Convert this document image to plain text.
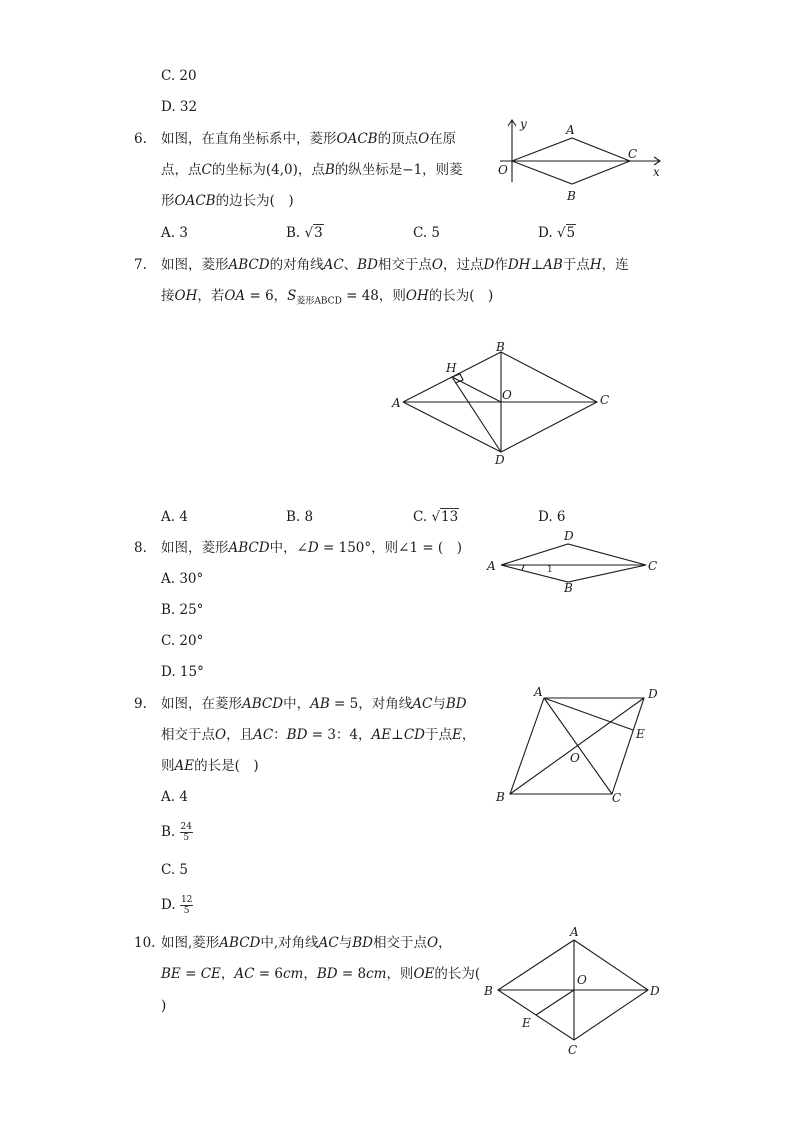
C. 20
D. 32
6. 如图，在直角坐标系中，菱形OACB的顶点O在原
点，点C的坐标为(4,0)，点B的纵坐标是−1，则菱
形OACB的边长为(　)
A. 3	B. √3	C. 5	D. √5
y
x
O
A
B
C
7. 如图，菱形ABCD的对角线AC、BD相交于点O，过点D作DH⊥AB于点H，连
接OH，若OA = 6，$S_{菱形ABCD} = 48$，则OH的长为(　)
A
B
C
D
H
O
A. 4	B. 8	C. √13	D. 6
8. 如图，菱形ABCD中，∠D = 150°，则∠1 = (　)
A. 30°
B. 25°
C. 20°
D. 15°
A
D
C
B
1
9. 如图，在菱形ABCD中，AB = 5，对角线AC与BD
相交于点O，且AC：BD = 3：4，AE⊥CD于点E，
则AE的长是(　)
A. 4
B. $\frac{24}{5}$
C. 5
D. $\frac{12}{5}$
A	D
E
O
B	C
10. 如图,菱形ABCD中,对角线AC与BD相交于点O，
BE = CE，AC = 6cm，BD = 8cm，则OE的长为(
)
A
B	D
C
O
E
